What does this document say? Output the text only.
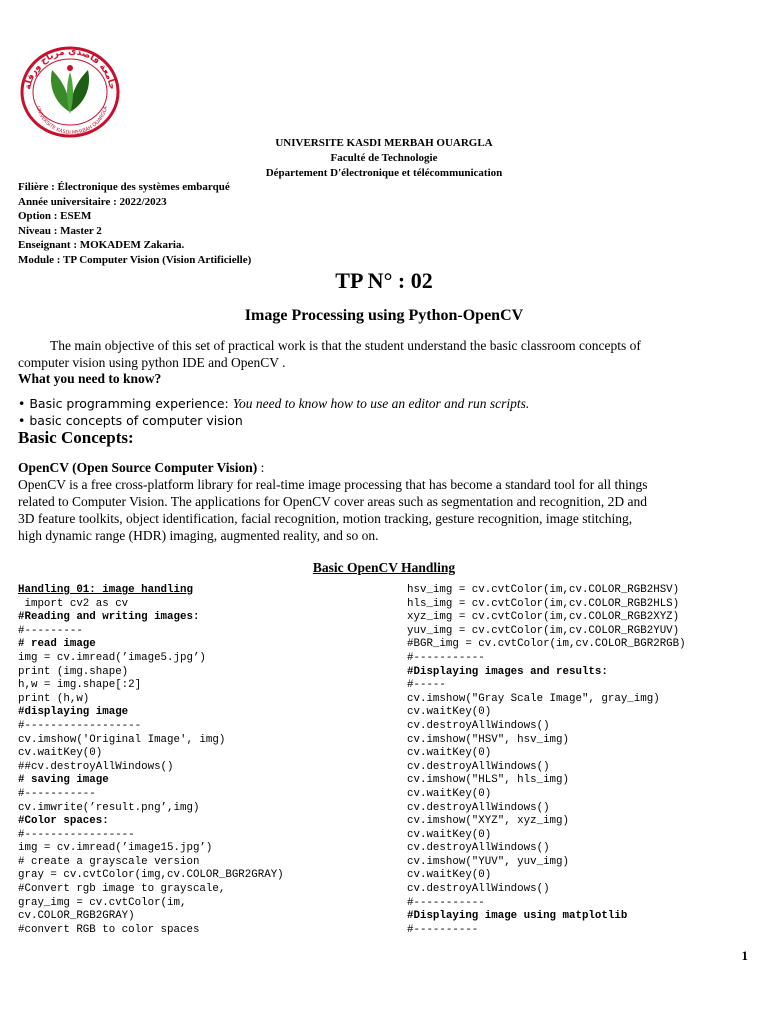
جامعة قاصدي مرباح ورقلة
UNIVERSITE KASDI MERBAH OUARGLA
UNIVERSITE KASDI MERBAH OUARGLA
Faculté de Technologie
Département D'électronique et télécommunication
Filière : Électronique des systèmes embarqué
Année universitaire : 2022/2023
Option : ESEM
Niveau : Master 2
Enseignant : MOKADEM Zakaria.
Module : TP Computer Vision (Vision Artificielle)
TP N° : 02
Image Processing using Python-OpenCV
The main objective of this set of practical work is that the student understand the basic classroom concepts of
computer vision using python IDE and OpenCV .
What you need to know?
• Basic programming experience: You need to know how to use an editor and run scripts.
• basic concepts of computer vision
Basic Concepts:
OpenCV (Open Source Computer Vision) :
OpenCV is a free cross-platform library for real-time image processing that has become a standard tool for all things
related to Computer Vision. The applications for OpenCV cover areas such as segmentation and recognition, 2D and
3D feature toolkits, object identification, facial recognition, motion tracking, gesture recognition, image stitching,
high dynamic range (HDR) imaging, augmented reality, and so on.
Basic OpenCV Handling
Handling 01: image handling
import cv2 as cv
#Reading and writing images:
#---------
# read image
img = cv.imread(’image5.jpg’)
print (img.shape)
h,w = img.shape[:2]
print (h,w)
#displaying image
#------------------
cv.imshow('Original Image', img)
cv.waitKey(0)
##cv.destroyAllWindows()
# saving image
#-----------
cv.imwrite(’result.png’,img)
#Color spaces:
#-----------------
img = cv.imread(’image15.jpg’)
# create a grayscale version
gray = cv.cvtColor(img,cv.COLOR_BGR2GRAY)
#Convert rgb image to grayscale,
gray_img = cv.cvtColor(im,
cv.COLOR_RGB2GRAY)
#convert RGB to color spaces
hsv_img = cv.cvtColor(im,cv.COLOR_RGB2HSV)
hls_img = cv.cvtColor(im,cv.COLOR_RGB2HLS)
xyz_img = cv.cvtColor(im,cv.COLOR_RGB2XYZ)
yuv_img = cv.cvtColor(im,cv.COLOR_RGB2YUV)
#BGR_img = cv.cvtColor(im,cv.COLOR_BGR2RGB)
#-----------
#Displaying images and results:
#-----
cv.imshow("Gray Scale Image", gray_img)
cv.waitKey(0)
cv.destroyAllWindows()
cv.imshow("HSV", hsv_img)
cv.waitKey(0)
cv.destroyAllWindows()
cv.imshow("HLS", hls_img)
cv.waitKey(0)
cv.destroyAllWindows()
cv.imshow("XYZ", xyz_img)
cv.waitKey(0)
cv.destroyAllWindows()
cv.imshow("YUV", yuv_img)
cv.waitKey(0)
cv.destroyAllWindows()
#-----------
#Displaying image using matplotlib
#----------
1
